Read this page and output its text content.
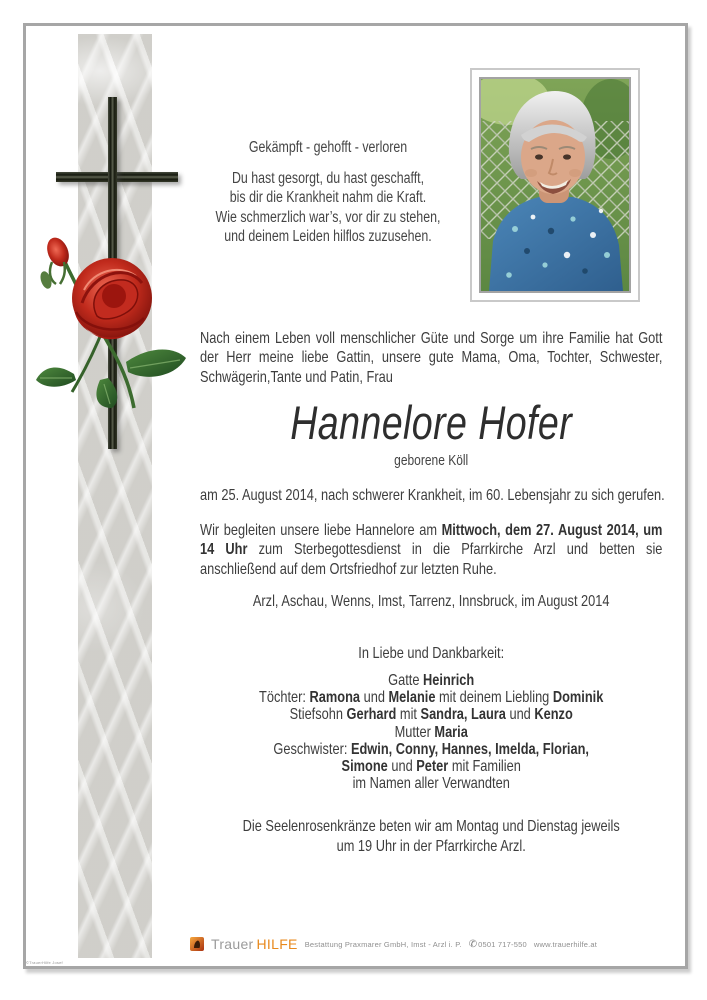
Gekämpft - gehofft - verloren
Du hast gesorgt, du hast geschafft,
bis dir die Krankheit nahm die Kraft.
Wie schmerzlich war’s, vor dir zu stehen,
und deinem Leiden hilflos zuzusehen.
Nach einem Leben voll menschlicher Güte und Sorge um ihre Familie hat Gott der Herr meine liebe Gattin, unsere gute Mama, Oma, Tochter, Schwester, Schwägerin,Tante und Patin, Frau
Hannelore Hofer
geborene Köll
am 25. August 2014, nach schwerer Krankheit, im 60. Lebensjahr zu sich gerufen.
Wir begleiten unsere liebe Hannelore am Mittwoch, dem 27. August 2014, um 14 Uhr zum Sterbegottesdienst in die Pfarrkirche Arzl und betten sie anschließend auf dem Ortsfriedhof zur letzten Ruhe.
Arzl, Aschau, Wenns, Imst, Tarrenz, Innsbruck, im August 2014
In Liebe und Dankbarkeit:
Gatte Heinrich
Töchter: Ramona und Melanie mit deinem Liebling Dominik
Stiefsohn Gerhard mit Sandra, Laura und Kenzo
Mutter Maria
Geschwister: Edwin, Conny, Hannes, Imelda, Florian,
Simone und Peter mit Familien
im Namen aller Verwandten
Die Seelenrosenkränze beten wir am Montag und Dienstag jeweils
um 19 Uhr in der Pfarrkirche Arzl.
Trauer HILFE Bestattung Praxmarer GmbH, Imst - Arzl i. P. ✆ 0501 717-550 www.trauerhilfe.at
©TrauerHilfe Josef
